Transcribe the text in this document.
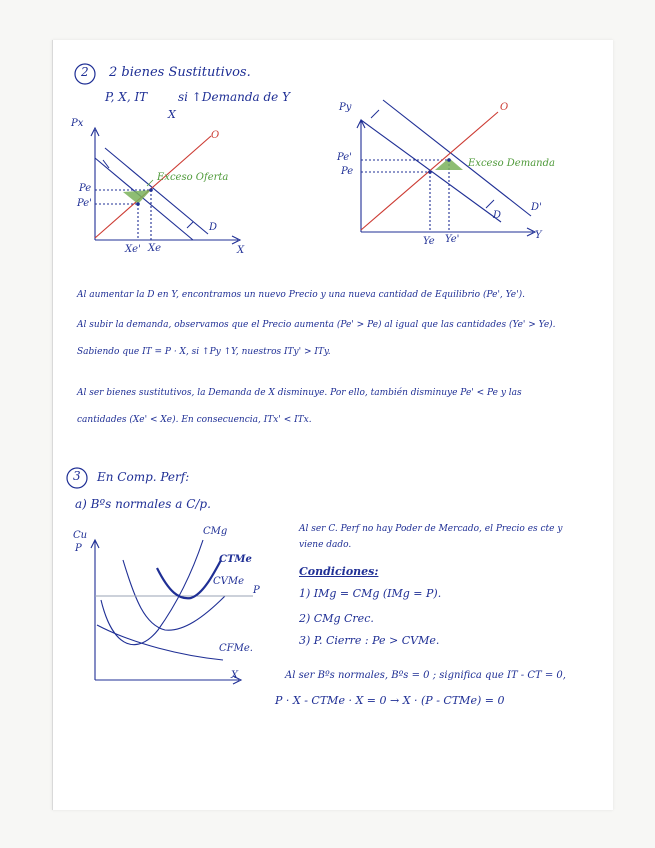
2 2 bienes Sustitutivos.
P, X, IT	si ↑Demanda de Y
X
Px
X
O
D
Exceso Oferta
Pe
Pe'
Xe' Xe
Py
Y
O
D
D'
Exceso Demanda
Pe'
Pe
Ye Ye'
Al aumentar la D en Y, encontramos un nuevo Precio y una nueva cantidad de Equilibrio (Pe', Ye').
Al subir la demanda, observamos que el Precio aumenta (Pe' > Pe) al igual que las cantidades (Ye' > Ye).
Sabiendo que IT = P · X, si ↑Py ↑Y, nuestros ITy' > ITy.
Al ser bienes sustitutivos, la Demanda de X disminuye. Por ello, también disminuye Pe' < Pe y las
cantidades (Xe' < Xe). En consecuencia, ITx' < ITx.
3 En Comp. Perf:
a) Bºs normales a C/p.
Cu
P
X
CMg
CTMe
CVMe
P
CFMe.
Al ser C. Perf no hay Poder de Mercado, el Precio es cte y
viene dado.
Condiciones:
1) IMg = CMg (IMg = P).
2) CMg Crec.
3) P. Cierre : Pe > CVMe.
Al ser Bºs normales, Bºs = 0 ; significa que IT - CT = 0,
P · X - CTMe · X = 0 → X · (P - CTMe) = 0
